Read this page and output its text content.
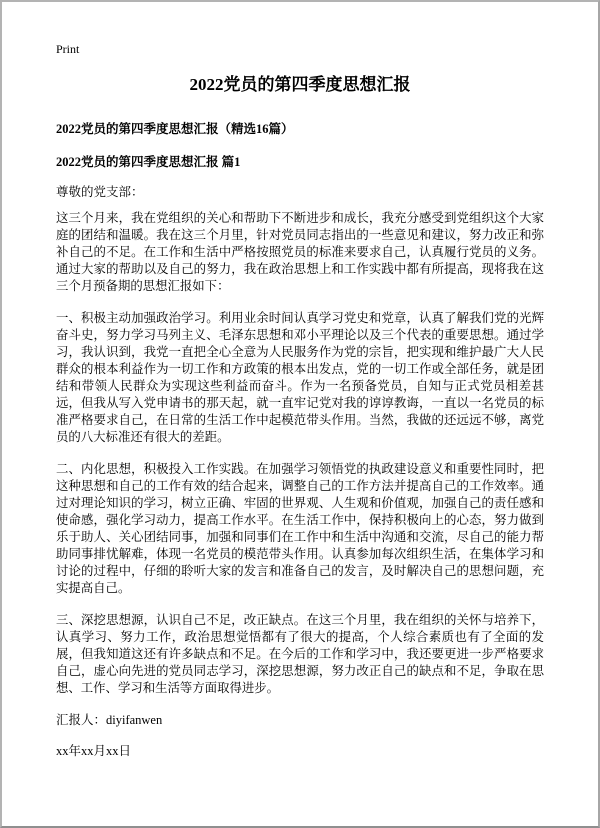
Print
2022党员的第四季度思想汇报
2022党员的第四季度思想汇报（精选16篇）
2022党员的第四季度思想汇报 篇1
尊敬的党支部：

这三个月来，我在党组织的关心和帮助下不断进步和成长，我充分感受到党组织这个大家庭的团结和温暖。我在这三个月里，针对党员同志指出的一些意见和建议，努力改正和弥补自己的不足。在工作和生活中严格按照党员的标准来要求自己，认真履行党员的义务。通过大家的帮助以及自己的努力，我在政治思想上和工作实践中都有所提高，现将我在这三个月预备期的思想汇报如下：

一、积极主动加强政治学习。利用业余时间认真学习党史和党章，认真了解我们党的光辉奋斗史，努力学习马列主义、毛泽东思想和邓小平理论以及三个代表的重要思想。通过学习，我认识到，我党一直把全心全意为人民服务作为党的宗旨，把实现和维护最广大人民群众的根本利益作为一切工作和方政策的根本出发点，党的一切工作或全部任务，就是团结和带领人民群众为实现这些利益而奋斗。作为一名预备党员，自知与正式党员相差甚远，但我从写入党申请书的那天起，就一直牢记党对我的谆谆教诲，一直以一名党员的标准严格要求自己，在日常的生活工作中起模范带头作用。当然，我做的还远远不够，离党员的八大标准还有很大的差距。

二、内化思想，积极投入工作实践。在加强学习领悟党的执政建设意义和重要性同时，把这种思想和自己的工作有效的结合起来，调整自己的工作方法并提高自己的工作效率。通过对理论知识的学习，树立正确、牢固的世界观、人生观和价值观，加强自己的责任感和使命感，强化学习动力，提高工作水平。在生活工作中，保持积极向上的心态，努力做到乐于助人、关心团结同事，加强和同事们在工作中和生活中沟通和交流，尽自己的能力帮助同事排忧解难，体现一名党员的模范带头作用。认真参加每次组织生活，在集体学习和讨论的过程中，仔细的聆听大家的发言和准备自己的发言，及时解决自己的思想问题，充实提高自己。

三、深挖思想源，认识自己不足，改正缺点。在这三个月里，我在组织的关怀与培养下，认真学习、努力工作，政治思想觉悟都有了很大的提高，个人综合素质也有了全面的发展，但我知道这还有许多缺点和不足。在今后的工作和学习中，我还要更进一步严格要求自己，虚心向先进的党员同志学习，深挖思想源，努力改正自己的缺点和不足，争取在思想、工作、学习和生活等方面取得进步。

汇报人：diyifanwen
xx年xx月xx日
